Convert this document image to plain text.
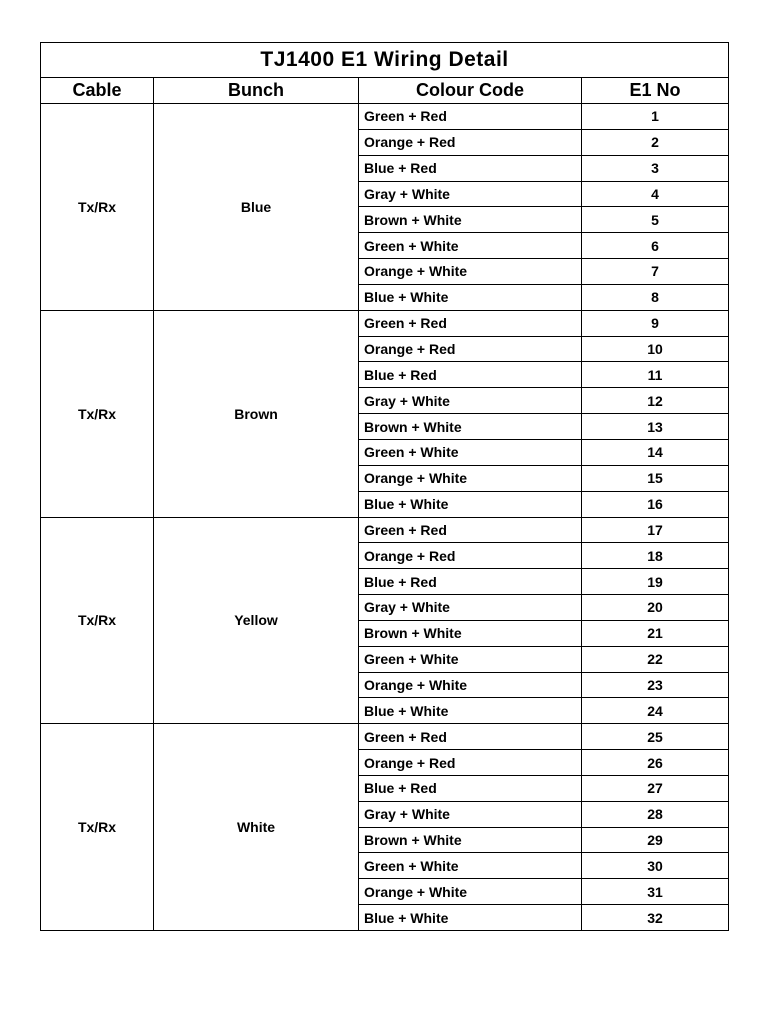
TJ1400 E1 Wiring Detail			
Cable	Bunch	Colour Code	E1 No
Tx/Rx	Blue	Green + Red	1
		Orange + Red	2
		Blue + Red	3
		Gray + White	4
		Brown + White	5
		Green + White	6
		Orange + White	7
		Blue + White	8
Tx/Rx	Brown	Green + Red	9
		Orange + Red	10
		Blue + Red	11
		Gray + White	12
		Brown + White	13
		Green + White	14
		Orange + White	15
		Blue + White	16
Tx/Rx	Yellow	Green + Red	17
		Orange + Red	18
		Blue + Red	19
		Gray + White	20
		Brown + White	21
		Green + White	22
		Orange + White	23
		Blue + White	24
Tx/Rx	White	Green + Red	25
		Orange + Red	26
		Blue + Red	27
		Gray + White	28
		Brown + White	29
		Green + White	30
		Orange + White	31
		Blue + White	32
